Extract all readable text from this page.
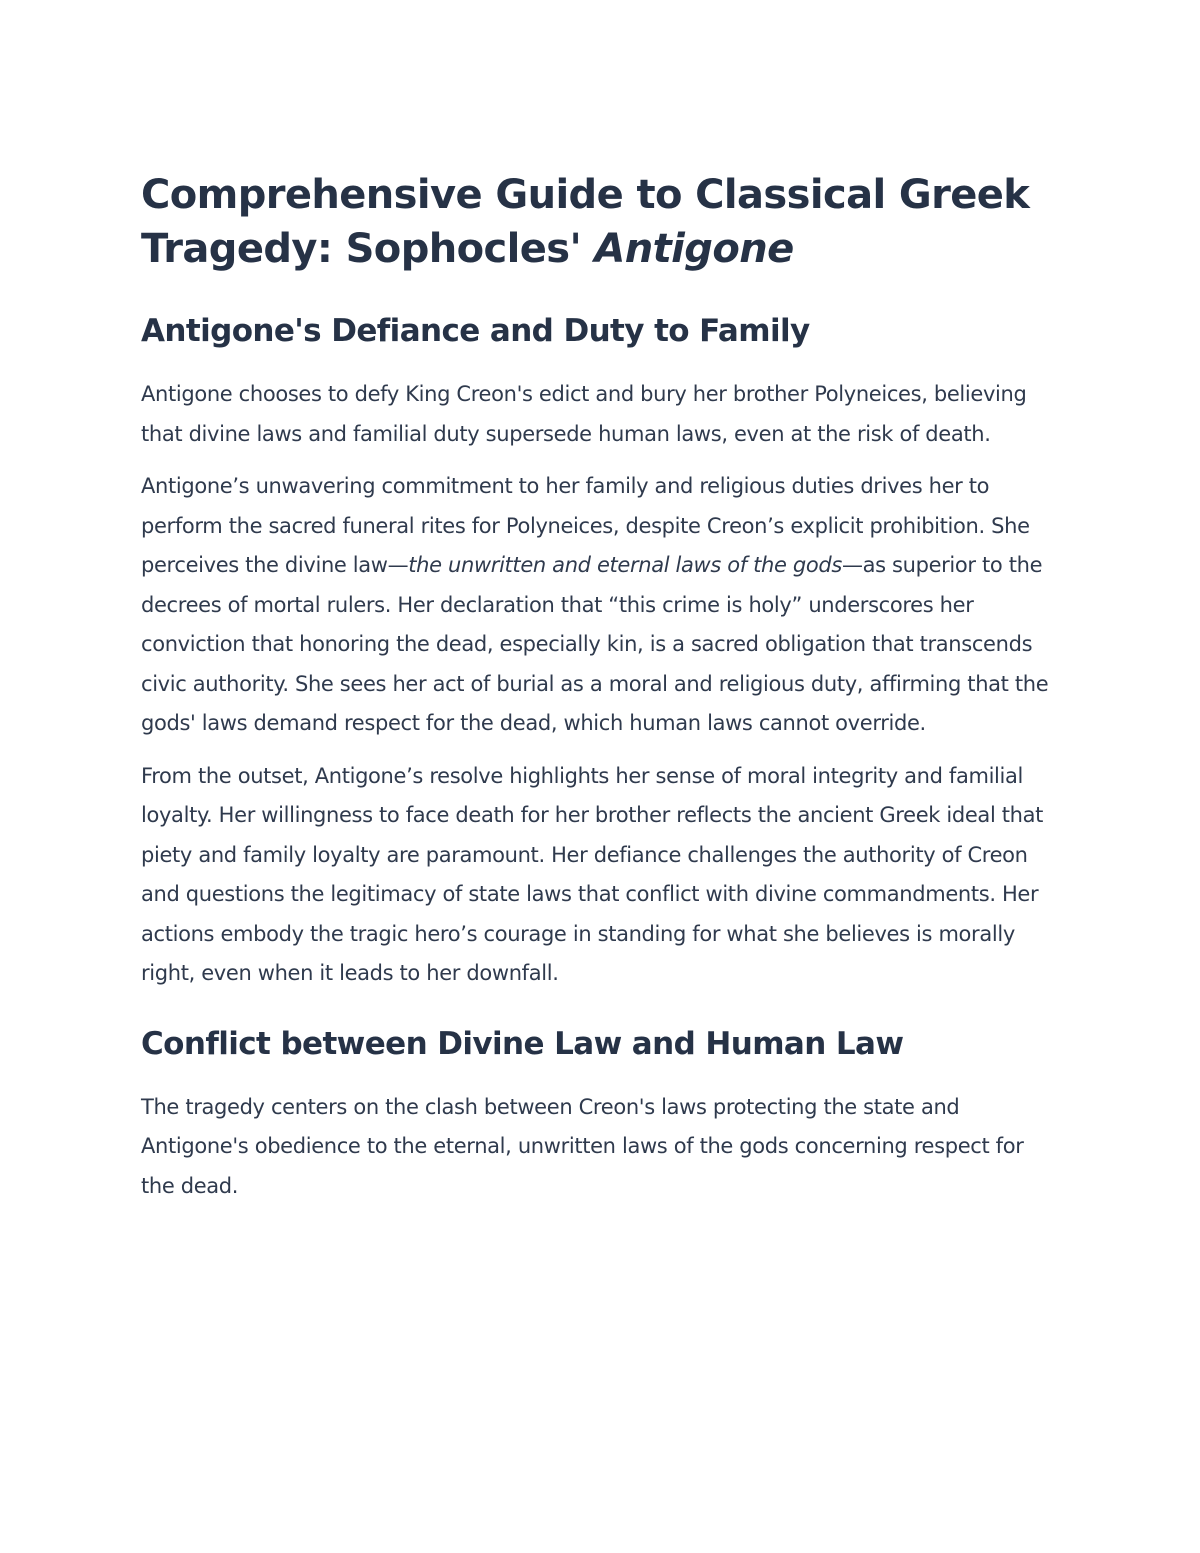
Comprehensive Guide to Classical Greek Tragedy: Sophocles' Antigone
Antigone's Defiance and Duty to Family

Antigone chooses to defy King Creon's edict and bury her brother Polyneices, believing that divine laws and familial duty supersede human laws, even at the risk of death.

Antigone’s unwavering commitment to her family and religious duties drives her to perform the sacred funeral rites for Polyneices, despite Creon’s explicit prohibition. She perceives the divine law—the unwritten and eternal laws of the gods—as superior to the decrees of mortal rulers. Her declaration that “this crime is holy” underscores her conviction that honoring the dead, especially kin, is a sacred obligation that transcends civic authority. She sees her act of burial as a moral and religious duty, affirming that the gods' laws demand respect for the dead, which human laws cannot override.

From the outset, Antigone’s resolve highlights her sense of moral integrity and familial loyalty. Her willingness to face death for her brother reflects the ancient Greek ideal that piety and family loyalty are paramount. Her defiance challenges the authority of Creon and questions the legitimacy of state laws that conflict with divine commandments. Her actions embody the tragic hero’s courage in standing for what she believes is morally right, even when it leads to her downfall.

Conflict between Divine Law and Human Law

The tragedy centers on the clash between Creon's laws protecting the state and Antigone's obedience to the eternal, unwritten laws of the gods concerning respect for the dead.
